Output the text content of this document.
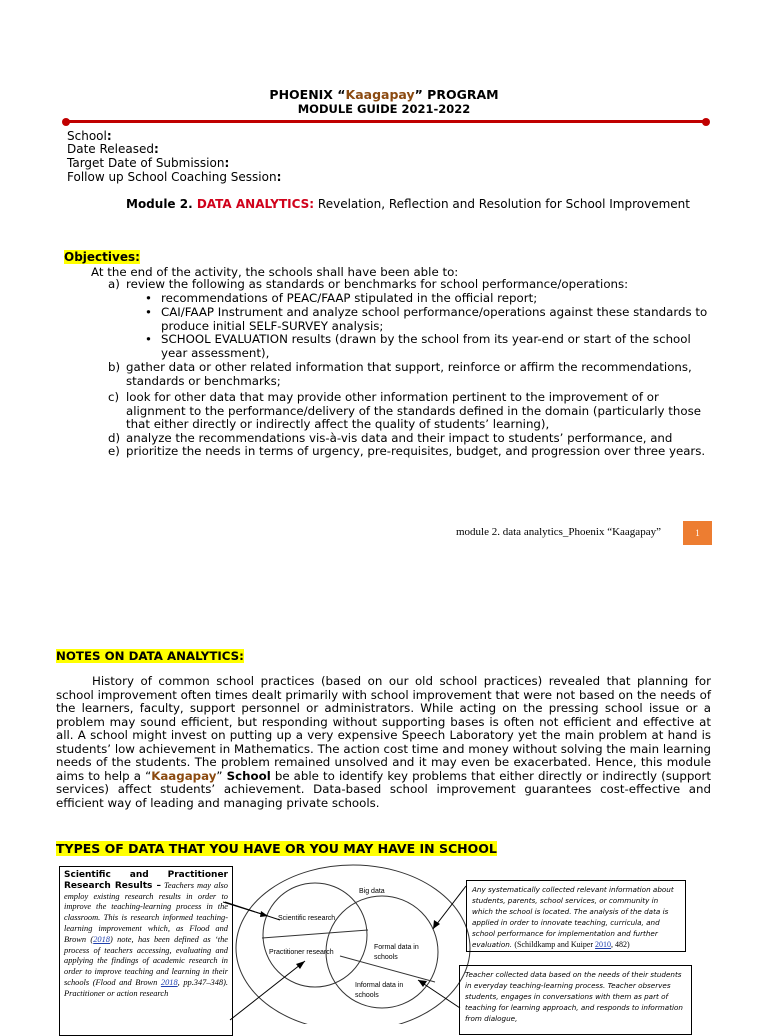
PHOENIX “Kaagapay” PROGRAM
MODULE GUIDE 2021-2022
School:
Date Released:
Target Date of Submission:
Follow up School Coaching Session:
Module 2. DATA ANALYTICS: Revelation, Reflection and Resolution for School Improvement
Objectives:
At the end of the activity, the schools shall have been able to:
a) review the following as standards or benchmarks for school performance/operations:
• recommendations of PEAC/FAAP stipulated in the official report;
• CAI/FAAP Instrument and analyze school performance/operations against these standards to produce initial SELF-SURVEY analysis;
• SCHOOL EVALUATION results (drawn by the school from its year-end or start of the school year assessment),
b) gather data or other related information that support, reinforce or affirm the recommendations, standards or benchmarks;
c) look for other data that may provide other information pertinent to the improvement of or alignment to the performance/delivery of the standards defined in the domain (particularly those that either directly or indirectly affect the quality of students’ learning),
d) analyze the recommendations vis-à-vis data and their impact to students’ performance, and
e) prioritize the needs in terms of urgency, pre-requisites, budget, and progression over three years.
module 2. data analytics_Phoenix “Kaagapay”	1
NOTES ON DATA ANALYTICS:
History of common school practices (based on our old school practices) revealed that planning for school improvement often times dealt primarily with school improvement that were not based on the needs of the learners, faculty, support personnel or administrators. While acting on the pressing school issue or a problem may sound efficient, but responding without supporting bases is often not efficient and effective at all. A school might invest on putting up a very expensive Speech Laboratory yet the main problem at hand is students’ low achievement in Mathematics. The action cost time and money without solving the main learning needs of the students. The problem remained unsolved and it may even be exacerbated. Hence, this module aims to help a “Kaagapay” School be able to identify key problems that either directly or indirectly (support services) affect students’ achievement. Data-based school improvement guarantees cost-effective and efficient way of leading and managing private schools.
TYPES OF DATA THAT YOU HAVE OR YOU MAY HAVE IN SCHOOL
Scientific and Practitioner Research Results – Teachers may also employ existing research results in order to improve the teaching-learning process in the classroom. This is research informed teaching-learning improvement which, as Flood and Brown (2018) note, has been defined as ‘the process of teachers accessing, evaluating and applying the findings of academic research in order to improve teaching and learning in their schools (Flood and Brown 2018, pp.347–348). Practitioner or action research
Big data
Scientific research
Practitioner research
Formal data in
schools
Informal data in
schools
Any systematically collected relevant information about students, parents, school services, or community in which the school is located. The analysis of the data is applied in order to innovate teaching, curricula, and school performance for implementation and further evaluation. (Schildkamp and Kuiper 2010, 482)
Teacher collected data based on the needs of their students in everyday teaching-learning process. Teacher observes students, engages in conversations with them as part of teaching for learning approach, and responds to information from dialogue,
